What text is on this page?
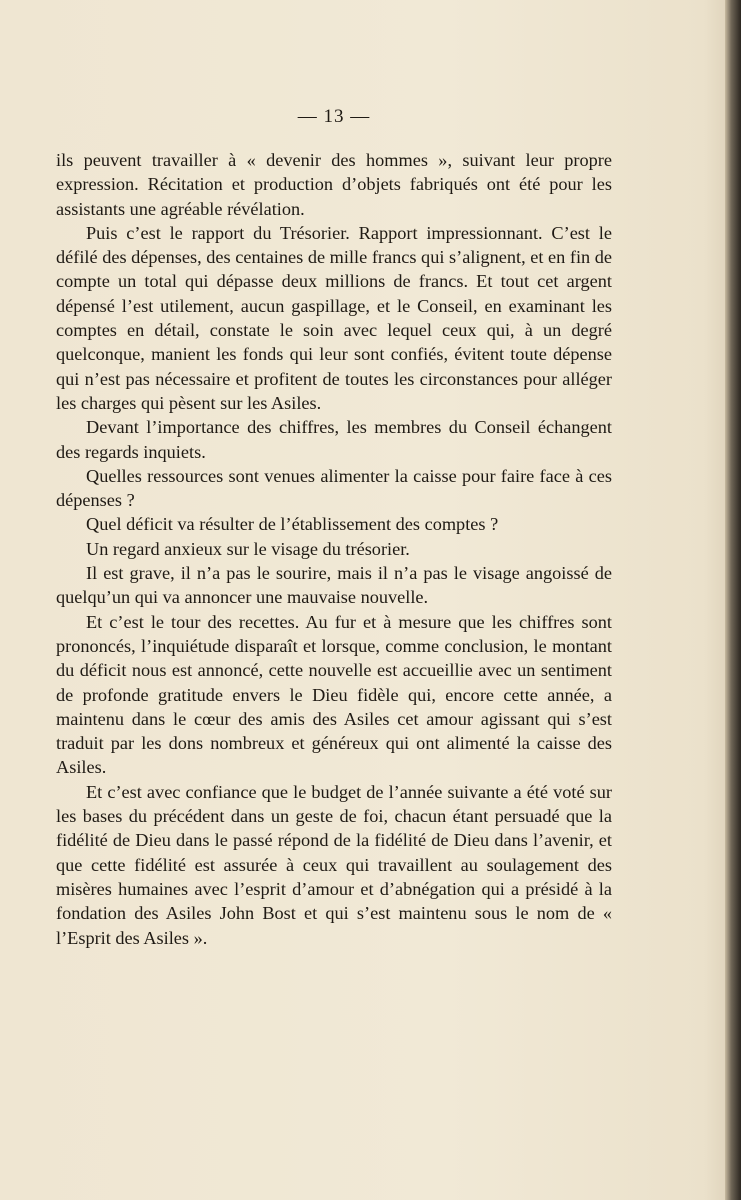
— 13 —

ils peuvent travailler à « devenir des hommes », suivant leur propre expression. Récitation et production d’objets fabriqués ont été pour les assistants une agréable révélation.

Puis c’est le rapport du Trésorier. Rapport impressionnant. C’est le défilé des dépenses, des centaines de mille francs qui s’alignent, et en fin de compte un total qui dépasse deux millions de francs. Et tout cet argent dépensé l’est utilement, aucun gaspillage, et le Conseil, en examinant les comptes en détail, constate le soin avec lequel ceux qui, à un degré quelconque, manient les fonds qui leur sont confiés, évitent toute dépense qui n’est pas nécessaire et profitent de toutes les circonstances pour alléger les charges qui pèsent sur les Asiles.

Devant l’importance des chiffres, les membres du Conseil échangent des regards inquiets.

Quelles ressources sont venues alimenter la caisse pour faire face à ces dépenses ?

Quel déficit va résulter de l’établissement des comptes ?

Un regard anxieux sur le visage du trésorier.

Il est grave, il n’a pas le sourire, mais il n’a pas le visage angoissé de quelqu’un qui va annoncer une mauvaise nouvelle.

Et c’est le tour des recettes. Au fur et à mesure que les chiffres sont prononcés, l’inquiétude disparaît et lorsque, comme conclusion, le montant du déficit nous est annoncé, cette nouvelle est accueillie avec un sentiment de profonde gratitude envers le Dieu fidèle qui, encore cette année, a maintenu dans le cœur des amis des Asiles cet amour agissant qui s’est traduit par les dons nombreux et généreux qui ont alimenté la caisse des Asiles.

Et c’est avec confiance que le budget de l’année suivante a été voté sur les bases du précédent dans un geste de foi, chacun étant persuadé que la fidélité de Dieu dans le passé répond de la fidélité de Dieu dans l’avenir, et que cette fidélité est assurée à ceux qui travaillent au soulagement des misères humaines avec l’esprit d’amour et d’abnégation qui a présidé à la fondation des Asiles John Bost et qui s’est maintenu sous le nom de « l’Esprit des Asiles ».
